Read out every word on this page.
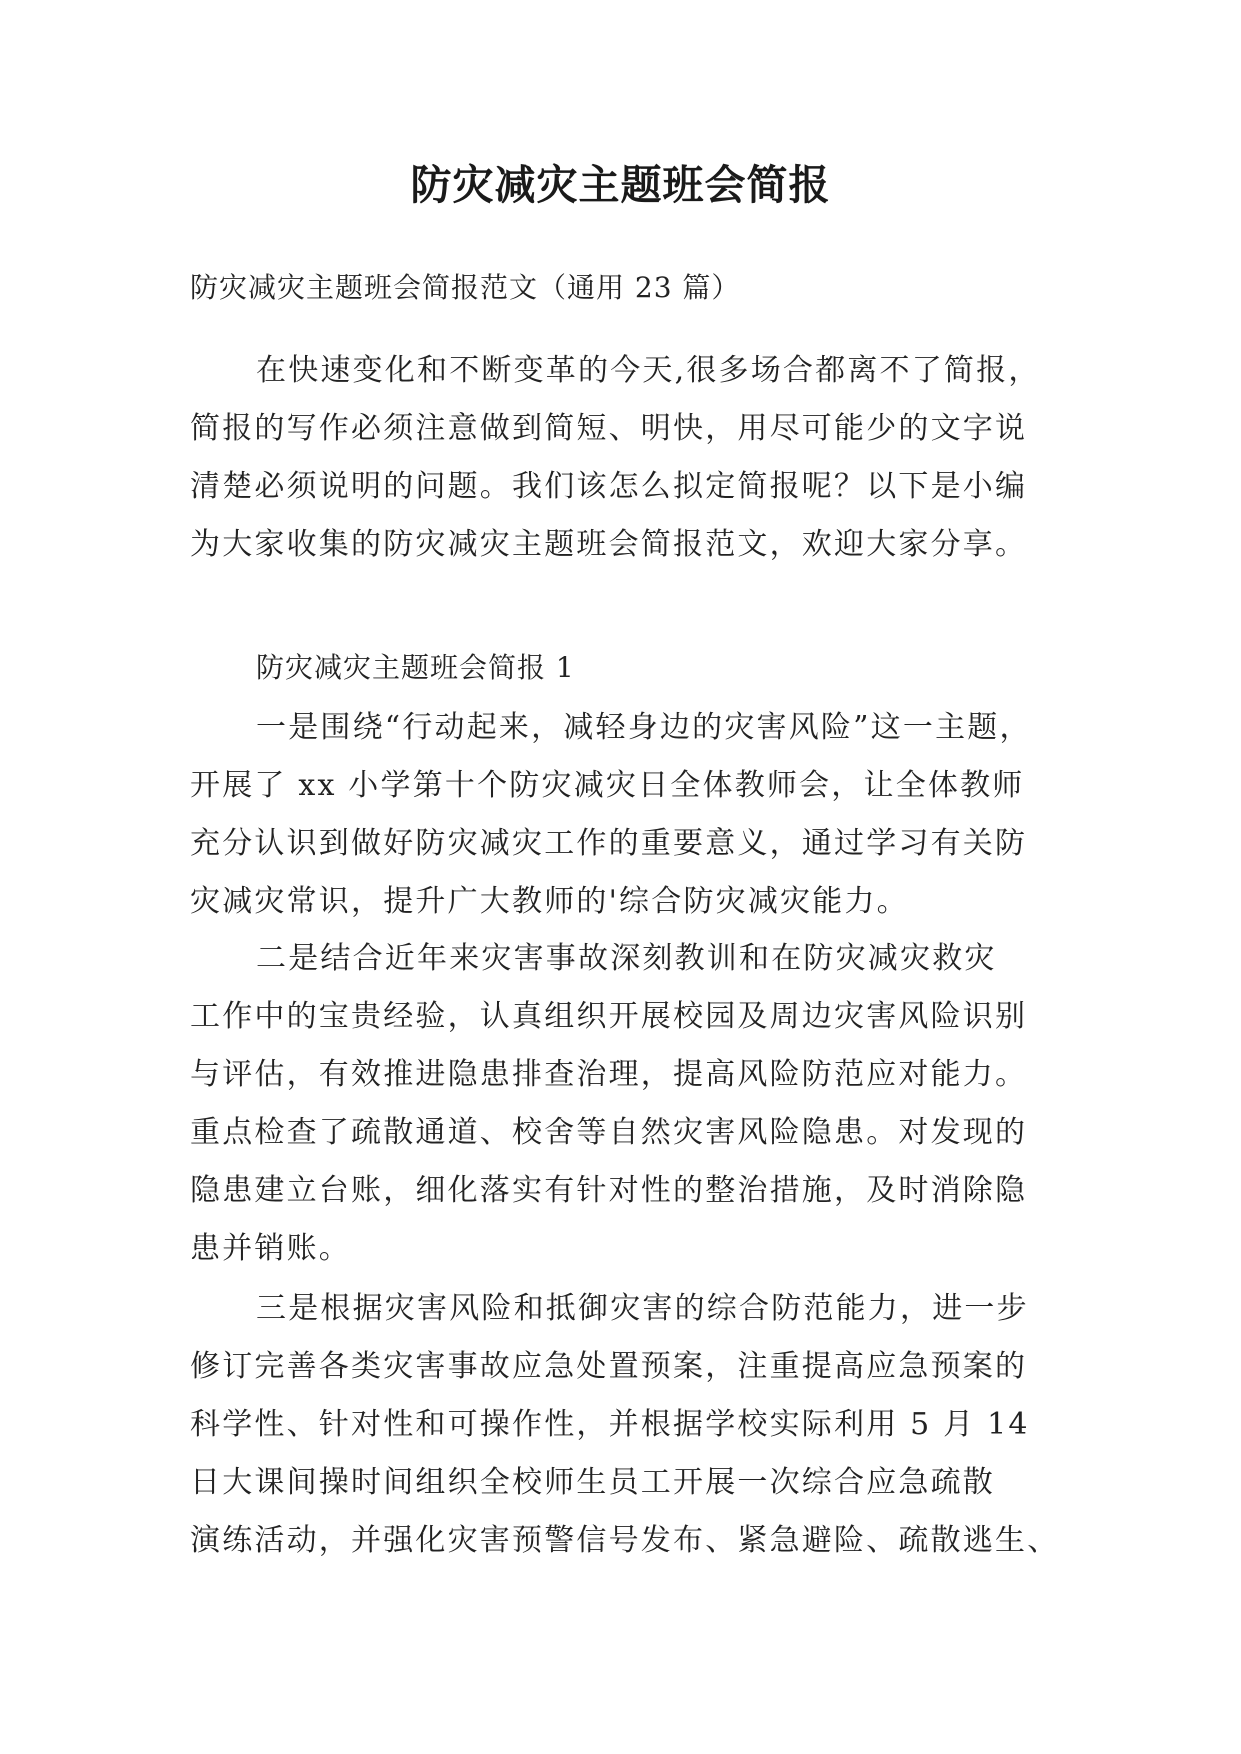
防灾减灾主题班会简报
防灾减灾主题班会简报范文（通用 23 篇）

在快速变化和不断变革的今天,很多场合都离不了简报，
简报的写作必须注意做到简短、明快，用尽可能少的文字说
清楚必须说明的问题。我们该怎么拟定简报呢？以下是小编
为大家收集的防灾减灾主题班会简报范文，欢迎大家分享。

防灾减灾主题班会简报 1

一是围绕“行动起来，减轻身边的灾害风险”这一主题，
开展了 xx 小学第十个防灾减灾日全体教师会，让全体教师
充分认识到做好防灾减灾工作的重要意义，通过学习有关防
灾减灾常识，提升广大教师的'综合防灾减灾能力。

二是结合近年来灾害事故深刻教训和在防灾减灾救灾
工作中的宝贵经验，认真组织开展校园及周边灾害风险识别
与评估，有效推进隐患排查治理，提高风险防范应对能力。
重点检查了疏散通道、校舍等自然灾害风险隐患。对发现的
隐患建立台账，细化落实有针对性的整治措施，及时消除隐
患并销账。

三是根据灾害风险和抵御灾害的综合防范能力，进一步
修订完善各类灾害事故应急处置预案，注重提高应急预案的
科学性、针对性和可操作性，并根据学校实际利用 5 月 14
日大课间操时间组织全校师生员工开展一次综合应急疏散
演练活动，并强化灾害预警信号发布、紧急避险、疏散逃生、
